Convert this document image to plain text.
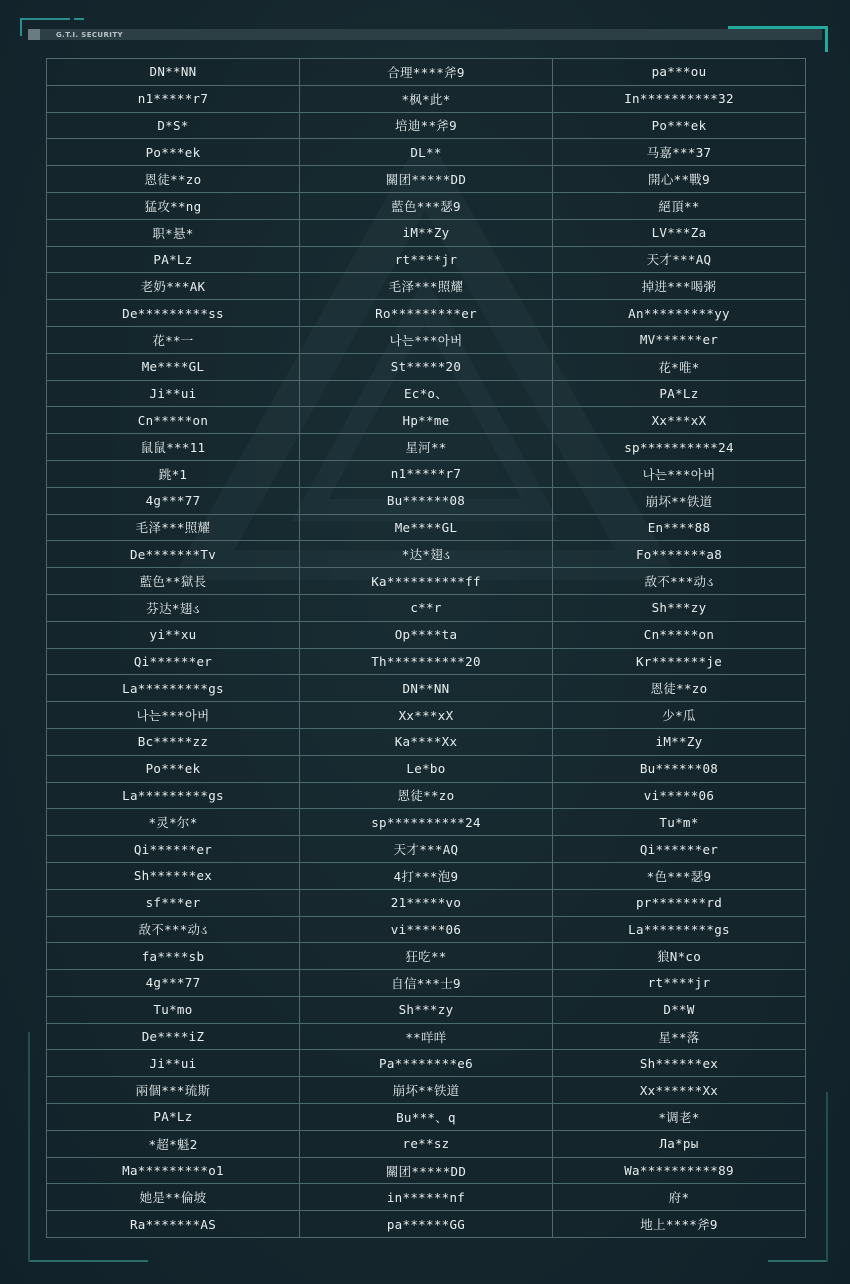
G.T.I. SECURITY
DN**NN	合理****斧9	pa***ou
n1*****r7	*枫*此*	In**********32
D*S*	培迪**斧9	Po***ek
Po***ek	DL**	马嘉***37
恩徒**zo	關团*****DD	開心**戰9
猛攻**ng	藍色***瑟9	絕頂**
职*悬*	iM**Zy	LV***Za
PA*Lz	rt****jr	天才***AQ
老奶***AK	毛泽***照耀	掉进***喝粥
De*********ss	Ro*********er	An*********yy
花**一	나는***아버	MV******er
Me****GL	St*****20	花*唯*
Ji**ui	Ec*o、	PA*Lz
Cn*****on	Hp**me	Xx***xX
鼠鼠***11	星河**	sp**********24
跳*1	n1*****r7	나는***아버
4g***77	Bu******08	崩坏**铁道
毛泽***照耀	Me****GL	En****88
De*******Tv	*达*翅ડ	Fo*******a8
藍色**獄長	Ka**********ff	敌不***动ડ
芬达*翅ડ	c**r	Sh***zy
yi**xu	Op****ta	Cn*****on
Qi******er	Th**********20	Kr*******je
La*********gs	DN**NN	恩徒**zo
나는***아버	Xx***xX	少*瓜
Bc*****zz	Ka****Xx	iM**Zy
Po***ek	Le*bo	Bu******08
La*********gs	恩徒**zo	vi*****06
*灵*尔*	sp**********24	Tu*m*
Qi******er	天才***AQ	Qi******er
Sh******ex	4打***泡9	*色***瑟9
sf***er	21*****vo	pr*******rd
敌不***动ડ	vi*****06	La*********gs
fa****sb	狂吃**	狼N*co
4g***77	自信***士9	rt****jr
Tu*mo	Sh***zy	D**W
De****iZ	**咩咩	星**落
Ji**ui	Pa********e6	Sh******ex
兩個***琉斯	崩坏**铁道	Xx******Xx
PA*Lz	Bu***、q	*调老*
*超*魁2	re**sz	Лa*pы
Ma*********o1	關团*****DD	Wa**********89
她是**倫坡	in******nf	府*
Ra*******AS	pa******GG	地上****斧9
